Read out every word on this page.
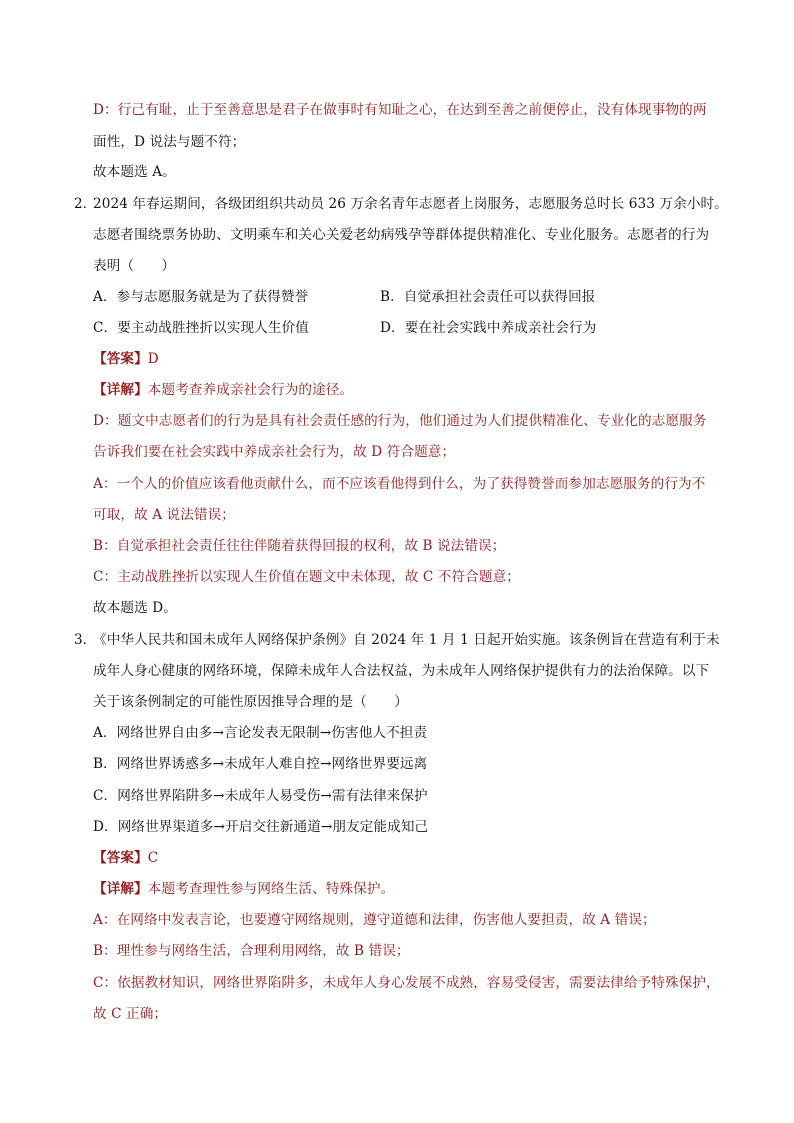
D：行己有耻，止于至善意思是君子在做事时有知耻之心，在达到至善之前便停止，没有体现事物的两
面性，D 说法与题不符；
故本题选 A。
2．
2024 年春运期间，各级团组织共动员 26 万余名青年志愿者上岗服务，志愿服务总时长 633 万余小时。
志愿者围绕票务协助、文明乘车和关心关爱老幼病残孕等群体提供精准化、专业化服务。志愿者的行为
表明（　　）
A．参与志愿服务就是为了获得赞誉	B．自觉承担社会责任可以获得回报
C．要主动战胜挫折以实现人生价值	D．要在社会实践中养成亲社会行为
【答案】D
【详解】本题考查养成亲社会行为的途径。
D：题文中志愿者们的行为是具有社会责任感的行为，他们通过为人们提供精准化、专业化的志愿服务
告诉我们要在社会实践中养成亲社会行为，故 D 符合题意；
A：一个人的价值应该看他贡献什么，而不应该看他得到什么，为了获得赞誉而参加志愿服务的行为不
可取，故 A 说法错误；
B：自觉承担社会责任往往伴随着获得回报的权利，故 B 说法错误；
C：主动战胜挫折以实现人生价值在题文中未体现，故 C 不符合题意；
故本题选 D。
3．
《中华人民共和国未成年人网络保护条例》自 2024 年 1 月 1 日起开始实施。该条例旨在营造有利于未
成年人身心健康的网络环境，保障未成年人合法权益，为未成年人网络保护提供有力的法治保障。以下
关于该条例制定的可能性原因推导合理的是（　　）
A．网络世界自由多→言论发表无限制→伤害他人不担责
B．网络世界诱惑多→未成年人难自控→网络世界要远离
C．网络世界陷阱多→未成年人易受伤→需有法律来保护
D．网络世界渠道多→开启交往新通道→朋友定能成知己
【答案】C
【详解】本题考查理性参与网络生活、特殊保护。
A：在网络中发表言论，也要遵守网络规则，遵守道德和法律，伤害他人要担责，故 A 错误；
B：理性参与网络生活，合理利用网络，故 B 错误；
C：依据教材知识，网络世界陷阱多，未成年人身心发展不成熟，容易受侵害，需要法律给予特殊保护，
故 C 正确；
